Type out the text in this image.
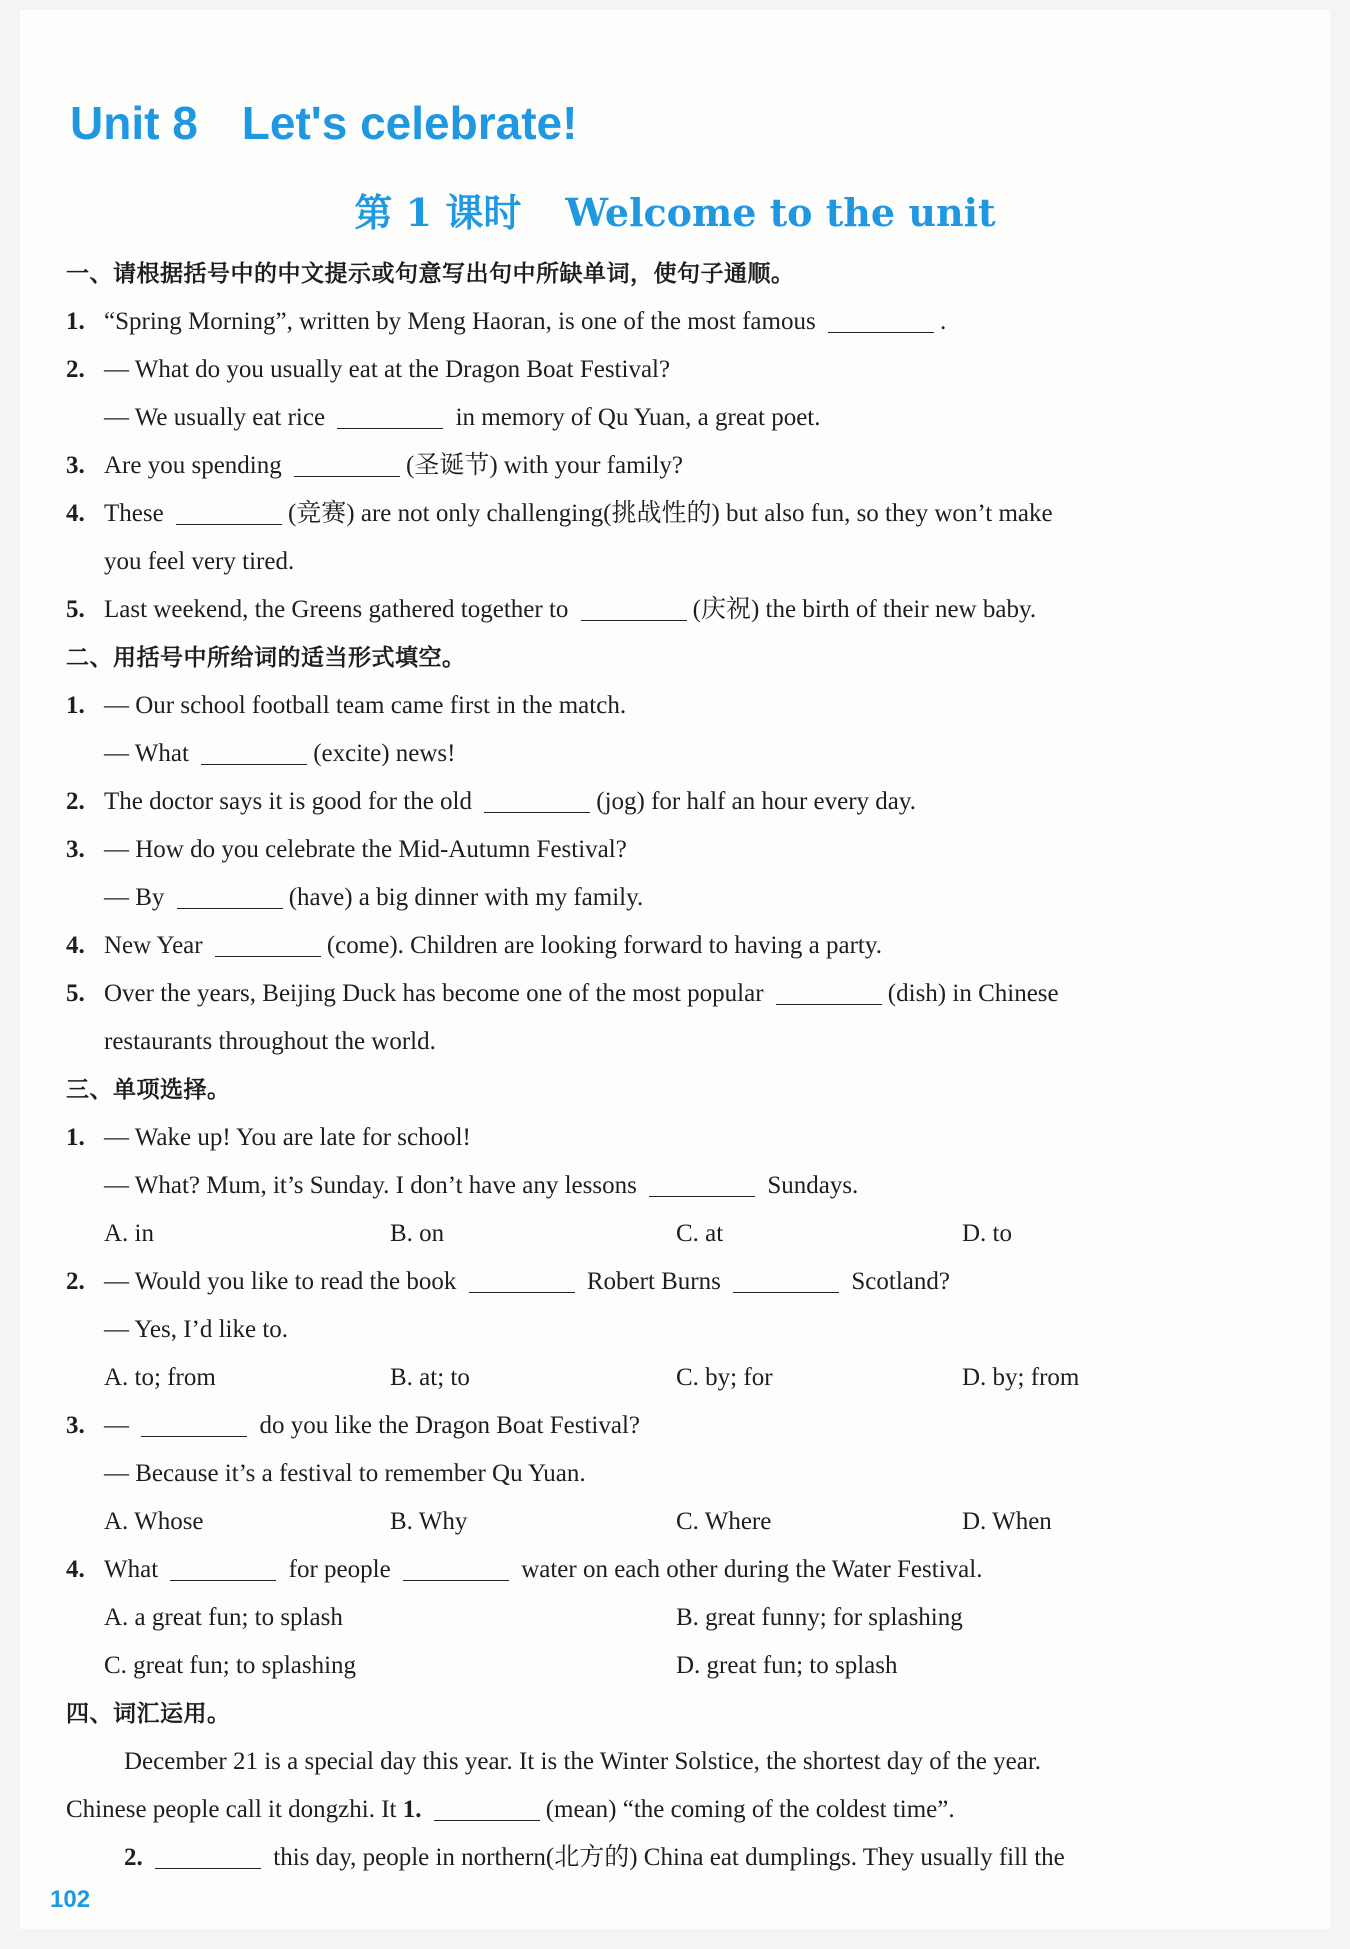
Unit 8 Let's celebrate!
第 1 课时 Welcome to the unit
一、请根据括号中的中文提示或句意写出句中所缺单词，使句子通顺。
1. “Spring Morning”, written by Meng Haoran, is one of the most famous	.
2. — What do you usually eat at the Dragon Boat Festival?
— We usually eat rice	in memory of Qu Yuan, a great poet.
3. Are you spending	(圣诞节) with your family?
4. These	(竞赛) are not only challenging(挑战性的) but also fun, so they won’t make
you feel very tired.
5. Last weekend, the Greens gathered together to	(庆祝) the birth of their new baby.
二、用括号中所给词的适当形式填空。
1. — Our school football team came first in the match.
— What	(excite) news!
2. The doctor says it is good for the old	(jog) for half an hour every day.
3. — How do you celebrate the Mid-Autumn Festival?
— By	(have) a big dinner with my family.
4. New Year	(come). Children are looking forward to having a party.
5. Over the years, Beijing Duck has become one of the most popular	(dish) in Chinese
restaurants throughout the world.
三、单项选择。
1. — Wake up! You are late for school!
— What? Mum, it’s Sunday. I don’t have any lessons	Sundays.
A. in	B. on	C. at	D. to
2. — Would you like to read the book	Robert Burns	Scotland?
— Yes, I’d like to.
A. to; from	B. at; to	C. by; for	D. by; from
3. —	do you like the Dragon Boat Festival?
— Because it’s a festival to remember Qu Yuan.
A. Whose	B. Why	C. Where	D. When
4. What	for people	water on each other during the Water Festival.
A. a great fun; to splash	B. great funny; for splashing
C. great fun; to splashing	D. great fun; to splash
四、词汇运用。
December 21 is a special day this year. It is the Winter Solstice, the shortest day of the year.
Chinese people call it dongzhi. It 1.	(mean) “the coming of the coldest time”.
2.	this day, people in northern(北方的) China eat dumplings. They usually fill the
102
